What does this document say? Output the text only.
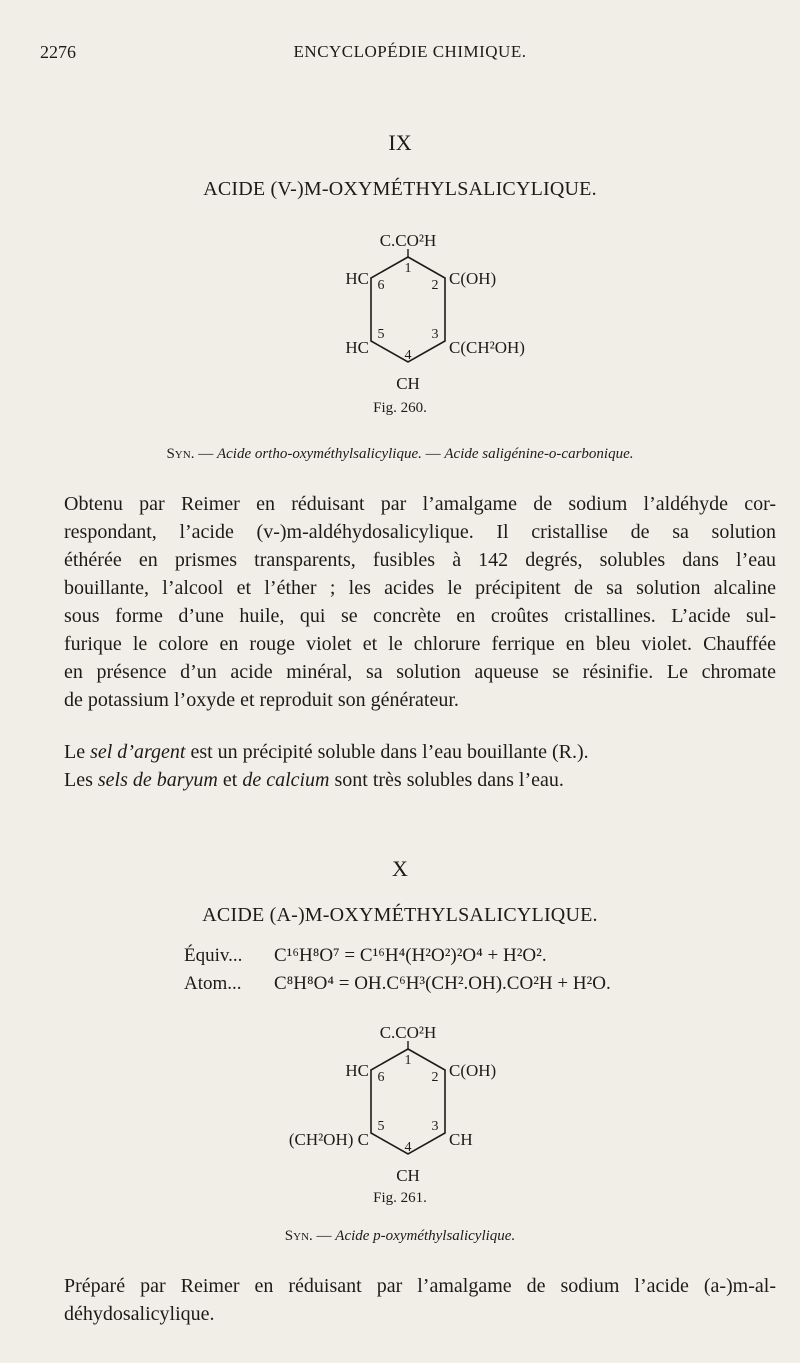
2276	ENCYCLOPÉDIE CHIMIQUE.
IX
ACIDE (V-)M-OXYMÉTHYLSALICYLIQUE.
C.CO²H
HC	C(OH)
HC	C(CH²OH)
CH
1
2
3
4
5
6
Fig. 260.
Syn. — Acide ortho-oxyméthylsalicylique. — Acide saligénine-o-carbonique.
Obtenu par Reimer en réduisant par l’amalgame de sodium l’aldéhyde cor-
respondant, l’acide (v-)m-aldéhydosalicylique. Il cristallise de sa solution
éthérée en prismes transparents, fusibles à 142 degrés, solubles dans l’eau
bouillante, l’alcool et l’éther ; les acides le précipitent de sa solution alcaline
sous forme d’une huile, qui se concrète en croûtes cristallines. L’acide sul-
furique le colore en rouge violet et le chlorure ferrique en bleu violet. Chauffée
en présence d’un acide minéral, sa solution aqueuse se résinifie. Le chromate
de potassium l’oxyde et reproduit son générateur.
Le sel d’argent est un précipité soluble dans l’eau bouillante (R.).
Les sels de baryum et de calcium sont très solubles dans l’eau.
X
ACIDE (A-)M-OXYMÉTHYLSALICYLIQUE.
Équiv... C¹⁶H⁸O⁷ = C¹⁶H⁴(H²O²)²O⁴ + H²O².
Atom... C⁸H⁸O⁴ = OH.C⁶H³(CH².OH).CO²H + H²O.
C.CO²H
HC	C(OH)
(CH²OH) C	CH
CH
1
2
3
4
5
6
Fig. 261.
Syn. — Acide p-oxyméthylsalicylique.
Préparé par Reimer en réduisant par l’amalgame de sodium l’acide (a-)m-al-
déhydosalicylique.
